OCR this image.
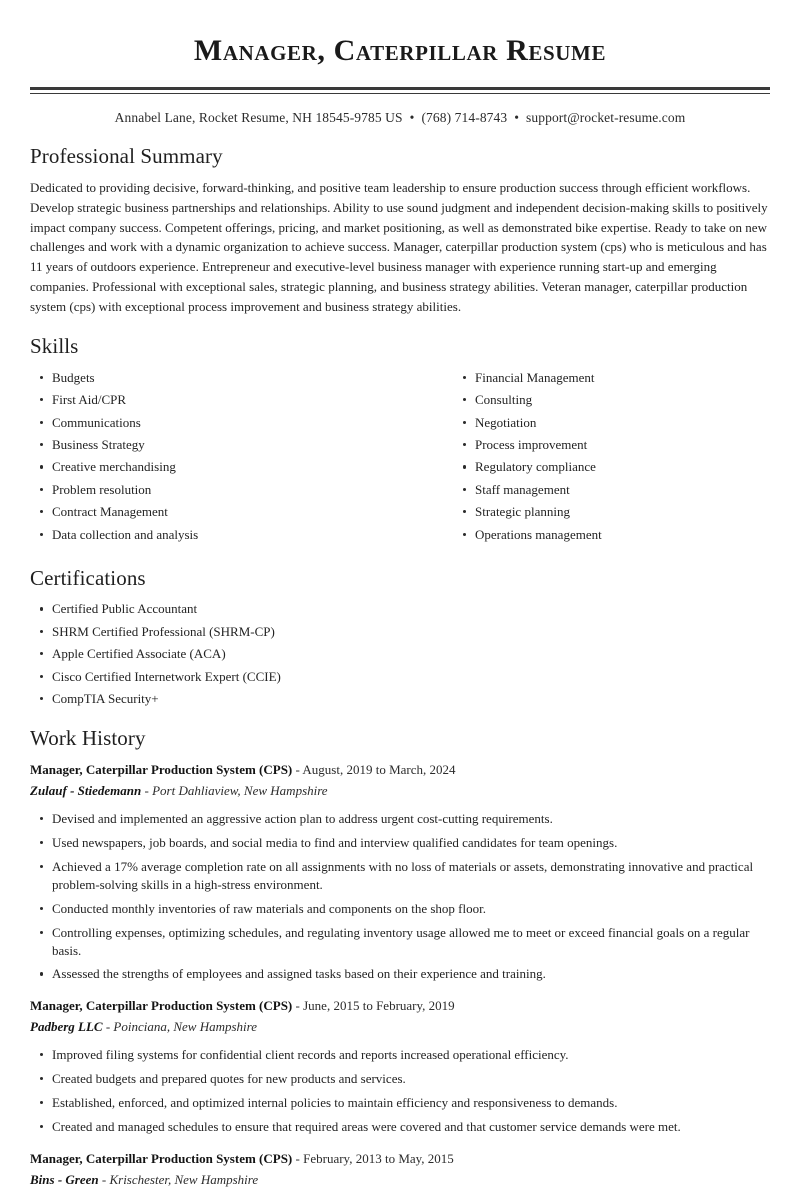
Manager, Caterpillar Resume
Annabel Lane, Rocket Resume, NH 18545-9785 US • (768) 714-8743 • support@rocket-resume.com
Professional Summary

Dedicated to providing decisive, forward-thinking, and positive team leadership to ensure production success through efficient workflows. Develop strategic business partnerships and relationships. Ability to use sound judgment and independent decision-making skills to positively impact company success. Competent offerings, pricing, and market positioning, as well as demonstrated bike expertise. Ready to take on new challenges and work with a dynamic organization to achieve success. Manager, caterpillar production system (cps) who is meticulous and has 11 years of outdoors experience. Entrepreneur and executive-level business manager with experience running start-up and emerging companies. Professional with exceptional sales, strategic planning, and business strategy abilities. Veteran manager, caterpillar production system (cps) with exceptional process improvement and business strategy abilities.

Skills
Budgets
First Aid/CPR
Communications
Business Strategy
Creative merchandising
Problem resolution
Contract Management
Data collection and analysis
Financial Management
Consulting
Negotiation
Process improvement
Regulatory compliance
Staff management
Strategic planning
Operations management
Certifications
Certified Public Accountant
SHRM Certified Professional (SHRM-CP)
Apple Certified Associate (ACA)
Cisco Certified Internetwork Expert (CCIE)
CompTIA Security+
Work History
Manager, Caterpillar Production System (CPS) - August, 2019 to March, 2024
Zulauf - Stiedemann - Port Dahliaview, New Hampshire
Devised and implemented an aggressive action plan to address urgent cost-cutting requirements.
Used newspapers, job boards, and social media to find and interview qualified candidates for team openings.
Achieved a 17% average completion rate on all assignments with no loss of materials or assets, demonstrating innovative and practical problem-solving skills in a high-stress environment.
Conducted monthly inventories of raw materials and components on the shop floor.
Controlling expenses, optimizing schedules, and regulating inventory usage allowed me to meet or exceed financial goals on a regular basis.
Assessed the strengths of employees and assigned tasks based on their experience and training.
Manager, Caterpillar Production System (CPS) - June, 2015 to February, 2019
Padberg LLC - Poinciana, New Hampshire
Improved filing systems for confidential client records and reports increased operational efficiency.
Created budgets and prepared quotes for new products and services.
Established, enforced, and optimized internal policies to maintain efficiency and responsiveness to demands.
Created and managed schedules to ensure that required areas were covered and that customer service demands were met.
Manager, Caterpillar Production System (CPS) - February, 2013 to May, 2015
Bins - Green - Krischester, New Hampshire
